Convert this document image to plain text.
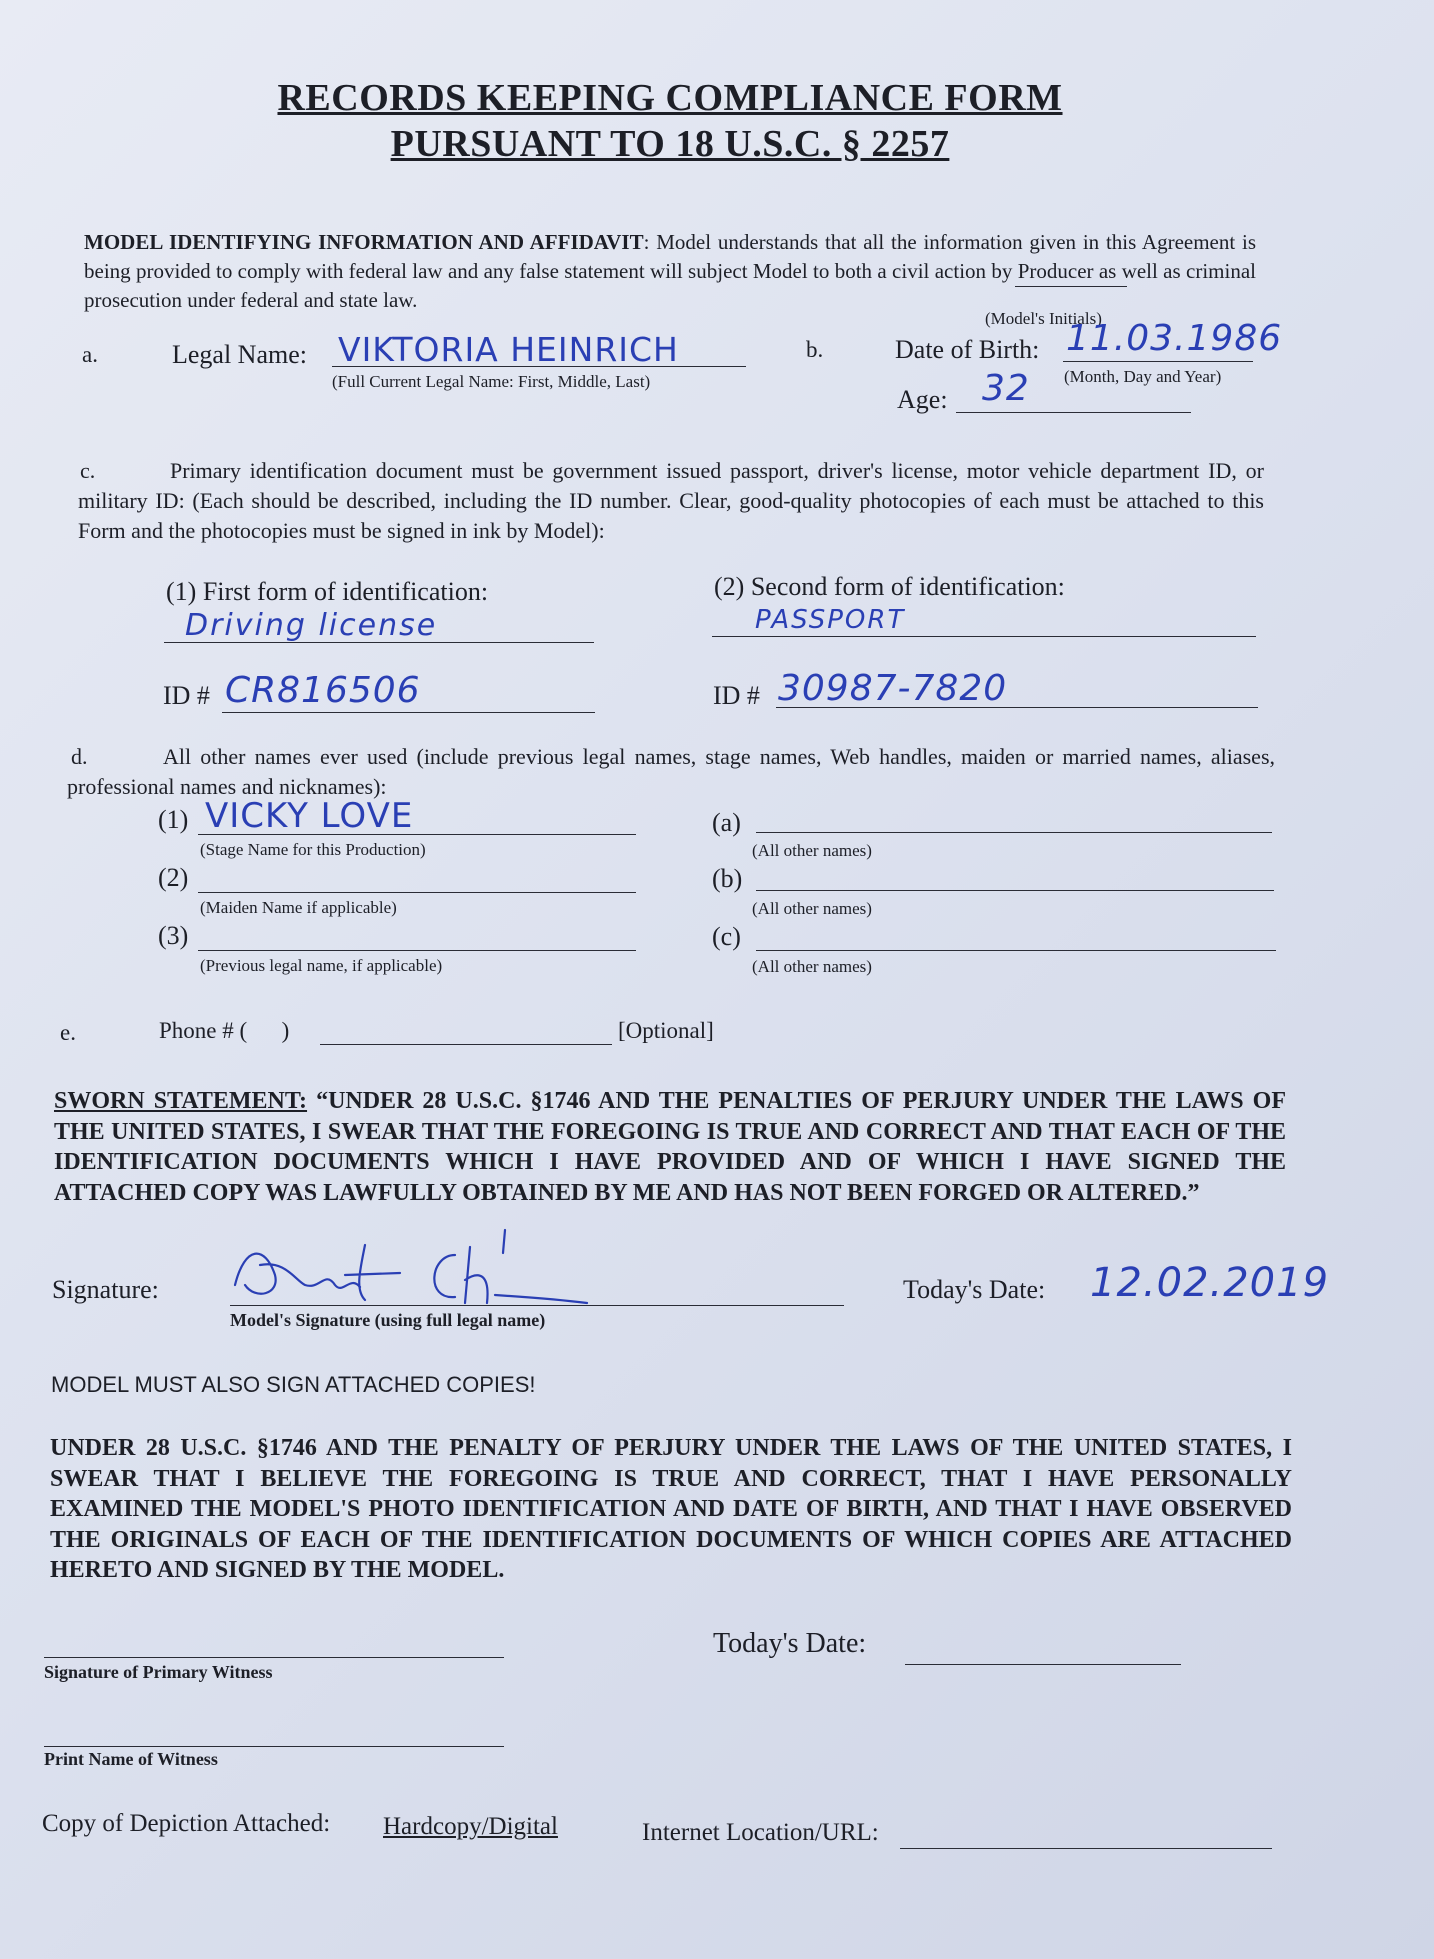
RECORDS KEEPING COMPLIANCE FORM
PURSUANT TO 18 U.S.C. § 2257
MODEL IDENTIFYING INFORMATION AND AFFIDAVIT: Model understands that all the information given in this Agreement is being provided to comply with federal law and any false statement will subject Model to both a civil action by Producer as well as criminal prosecution under federal and state law.
(Model's Initials)
a.	Legal Name: VIKTORIA HEINRICH
(Full Current Legal Name: First, Middle, Last)
b.	Date of Birth: 11.03.1986
(Month, Day and Year)
Age: 32
c.	Primary identification document must be government issued passport, driver's license, motor vehicle department ID, or military ID: (Each should be described, including the ID number. Clear, good-quality photocopies of each must be attached to this Form and the photocopies must be signed in ink by Model):
(1) First form of identification:
Driving license
(2) Second form of identification:
PASSPORT
ID # CR816506	ID # 30987-7820
d.	All other names ever used (include previous legal names, stage names, Web handles, maiden or married names, aliases, professional names and nicknames):
(1) VICKY LOVE
(Stage Name for this Production)
(2)
(Maiden Name if applicable)
(3)
(Previous legal name, if applicable)
(a)
(All other names)
(b)
(All other names)
(c)
(All other names)
e.	Phone # (      )	[Optional]
SWORN STATEMENT: “UNDER 28 U.S.C. §1746 AND THE PENALTIES OF PERJURY UNDER THE LAWS OF THE UNITED STATES, I SWEAR THAT THE FOREGOING IS TRUE AND CORRECT AND THAT EACH OF THE IDENTIFICATION DOCUMENTS WHICH I HAVE PROVIDED AND OF WHICH I HAVE SIGNED THE ATTACHED COPY WAS LAWFULLY OBTAINED BY ME AND HAS NOT BEEN FORGED OR ALTERED.”
Signature:
Model's Signature (using full legal name)
Today's Date: 12.02.2019
MODEL MUST ALSO SIGN ATTACHED COPIES!
UNDER 28 U.S.C. §1746 AND THE PENALTY OF PERJURY UNDER THE LAWS OF THE UNITED STATES, I SWEAR THAT I BELIEVE THE FOREGOING IS TRUE AND CORRECT, THAT I HAVE PERSONALLY EXAMINED THE MODEL'S PHOTO IDENTIFICATION AND DATE OF BIRTH, AND THAT I HAVE OBSERVED THE ORIGINALS OF EACH OF THE IDENTIFICATION DOCUMENTS OF WHICH COPIES ARE ATTACHED HERETO AND SIGNED BY THE MODEL.
Signature of Primary Witness
Today's Date:
Print Name of Witness
Copy of Depiction Attached: Hardcopy/Digital	Internet Location/URL:
